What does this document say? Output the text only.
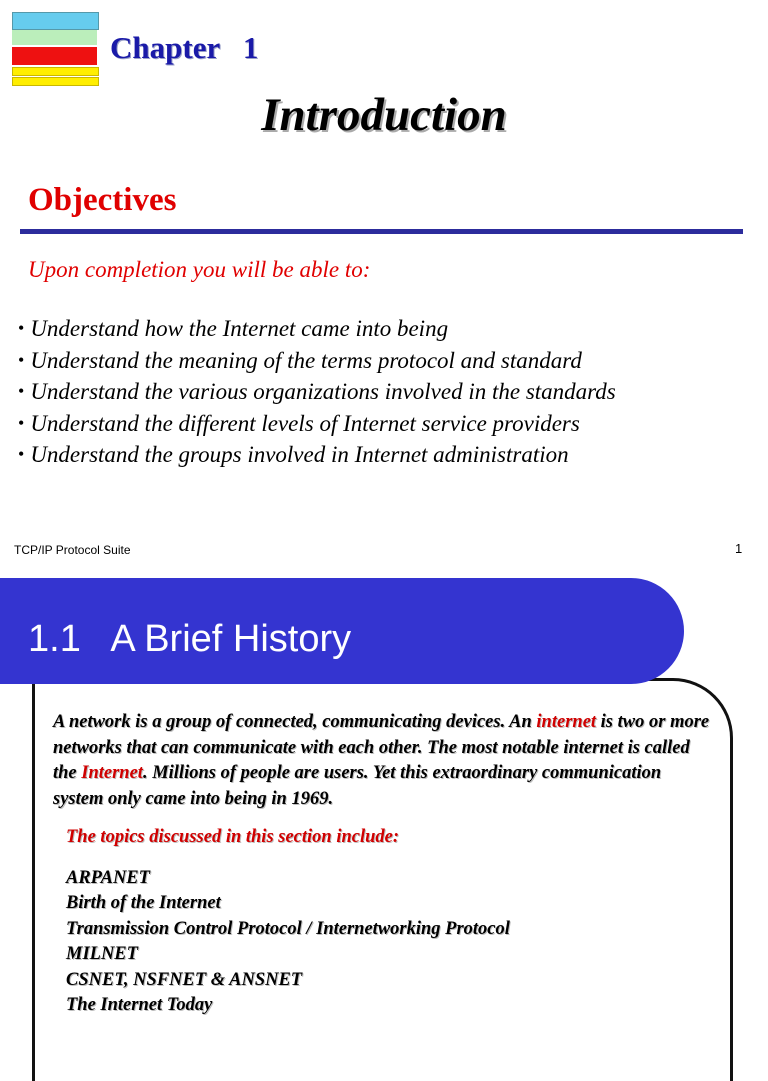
Chapter   1
Introduction
Objectives
Upon completion you will be able to:
• Understand how the Internet came into being
• Understand the meaning of the terms protocol and standard
• Understand the various organizations involved in the standards
• Understand the different levels of Internet service providers
• Understand the groups involved in Internet administration
TCP/IP Protocol Suite	1
1.1   A Brief History
A network is a group of connected, communicating devices. An internet is two or more networks that can communicate with each other. The most notable internet is called the Internet. Millions of people are users. Yet this extraordinary communication system only came into being in 1969.
The topics discussed in this section include:
ARPANET
Birth of the Internet
Transmission Control Protocol / Internetworking Protocol
MILNET
CSNET, NSFNET & ANSNET
The Internet Today
